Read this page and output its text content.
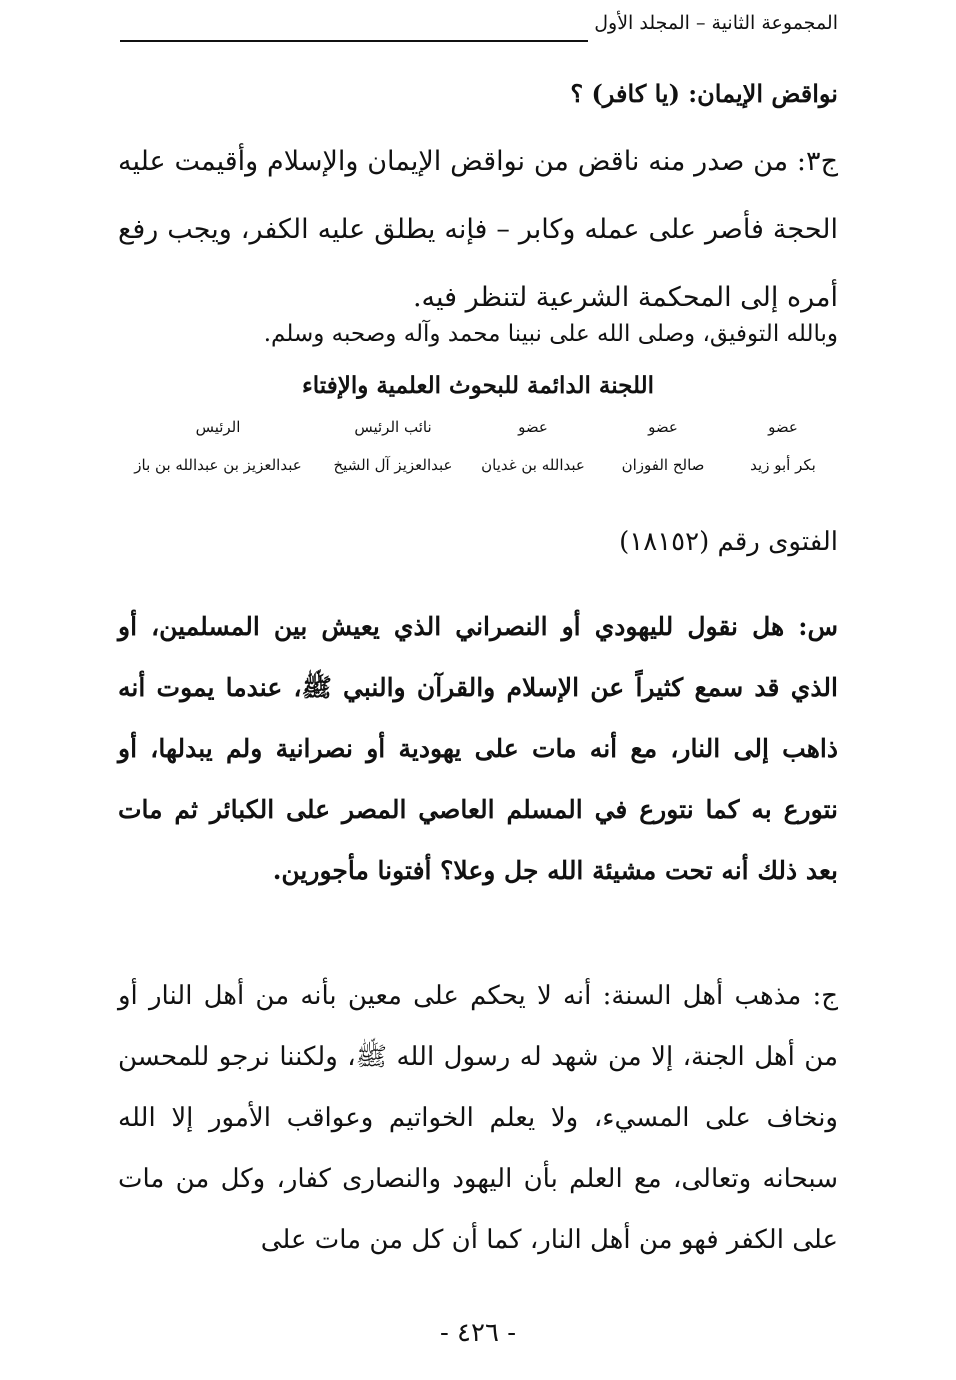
المجموعة الثانية – المجلد الأول
نواقض الإيمان: (يا كافر) ؟
ج٣: من صدر منه ناقض من نواقض الإيمان والإسلام وأقيمت عليه الحجة فأصر على عمله وكابر – فإنه يطلق عليه الكفر، ويجب رفع أمره إلى المحكمة الشرعية لتنظر فيه.
وبالله التوفيق، وصلى الله على نبينا محمد وآله وصحبه وسلم.
اللجنة الدائمة للبحوث العلمية والإفتاء
عضو
عضو
عضو
نائب الرئيس
الرئيس
بكر أبو زيد
صالح الفوزان
عبدالله بن غديان
عبدالعزيز آل الشيخ
عبدالعزيز بن عبدالله بن باز
الفتوى رقم (١٨١٥٢)
س: هل نقول لليهودي أو النصراني الذي يعيش بين المسلمين، أو الذي قد سمع كثيراً عن الإسلام والقرآن والنبي ﷺ، عندما يموت أنه ذاهب إلى النار، مع أنه مات على يهودية أو نصرانية ولم يبدلها، أو نتورع به كما نتورع في المسلم العاصي المصر على الكبائر ثم مات بعد ذلك أنه تحت مشيئة الله جل وعلا؟ أفتونا مأجورين.
ج: مذهب أهل السنة: أنه لا يحكم على معين بأنه من أهل النار أو من أهل الجنة، إلا من شهد له رسول الله ﷺ، ولكننا نرجو للمحسن ونخاف على المسيء، ولا يعلم الخواتيم وعواقب الأمور إلا الله سبحانه وتعالى، مع العلم بأن اليهود والنصارى كفار، وكل من مات على الكفر فهو من أهل النار، كما أن كل من مات على
- ٤٢٦ -
